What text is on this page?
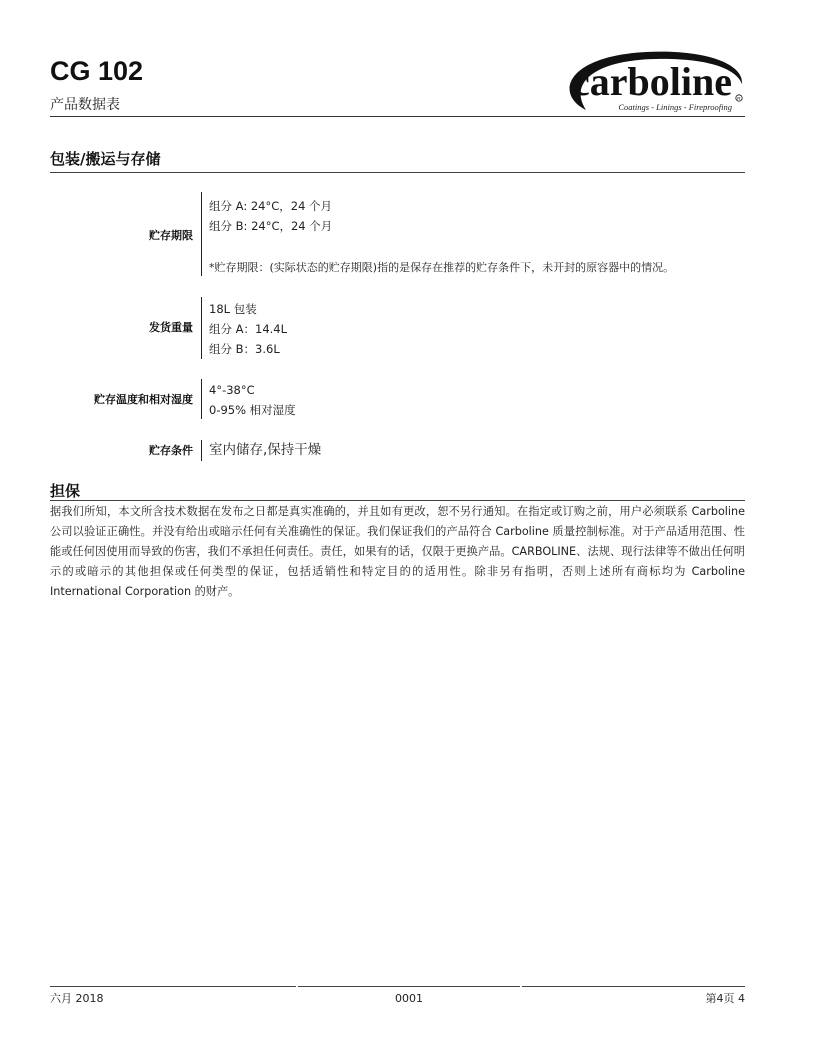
CG 102
产品数据表
carboline R
Coatings - Linings - Fireproofing
包装/搬运与存储
贮存期限
组分 A: 24°C，24 个月
组分 B: 24°C，24 个月
*贮存期限：(实际状态的贮存期限)指的是保存在推荐的贮存条件下，未开封的原容器中的情况。
发货重量
18L 包装
组分 A：14.4L
组分 B：3.6L
贮存温度和相对湿度
4°-38°C
0-95% 相对湿度
贮存条件 室内储存,保持干燥
担保

据我们所知，本文所含技术数据在发布之日都是真实准确的，并且如有更改，恕不另行通知。在指定或订购之前，用户必须联系 Carboline 公司以验证正确性。并没有给出或暗示任何有关准确性的保证。我们保证我们的产品符合 Carboline 质量控制标准。对于产品适用范围、性能或任何因使用而导致的伤害，我们不承担任何责任。责任，如果有的话，仅限于更换产品。CARBOLINE、法规、现行法律等不做出任何明示的或暗示的其他担保或任何类型的保证，包括适销性和特定目的的适用性。除非另有指明，否则上述所有商标均为 Carboline International Corporation 的财产。

六月 2018	0001	第4页 4
